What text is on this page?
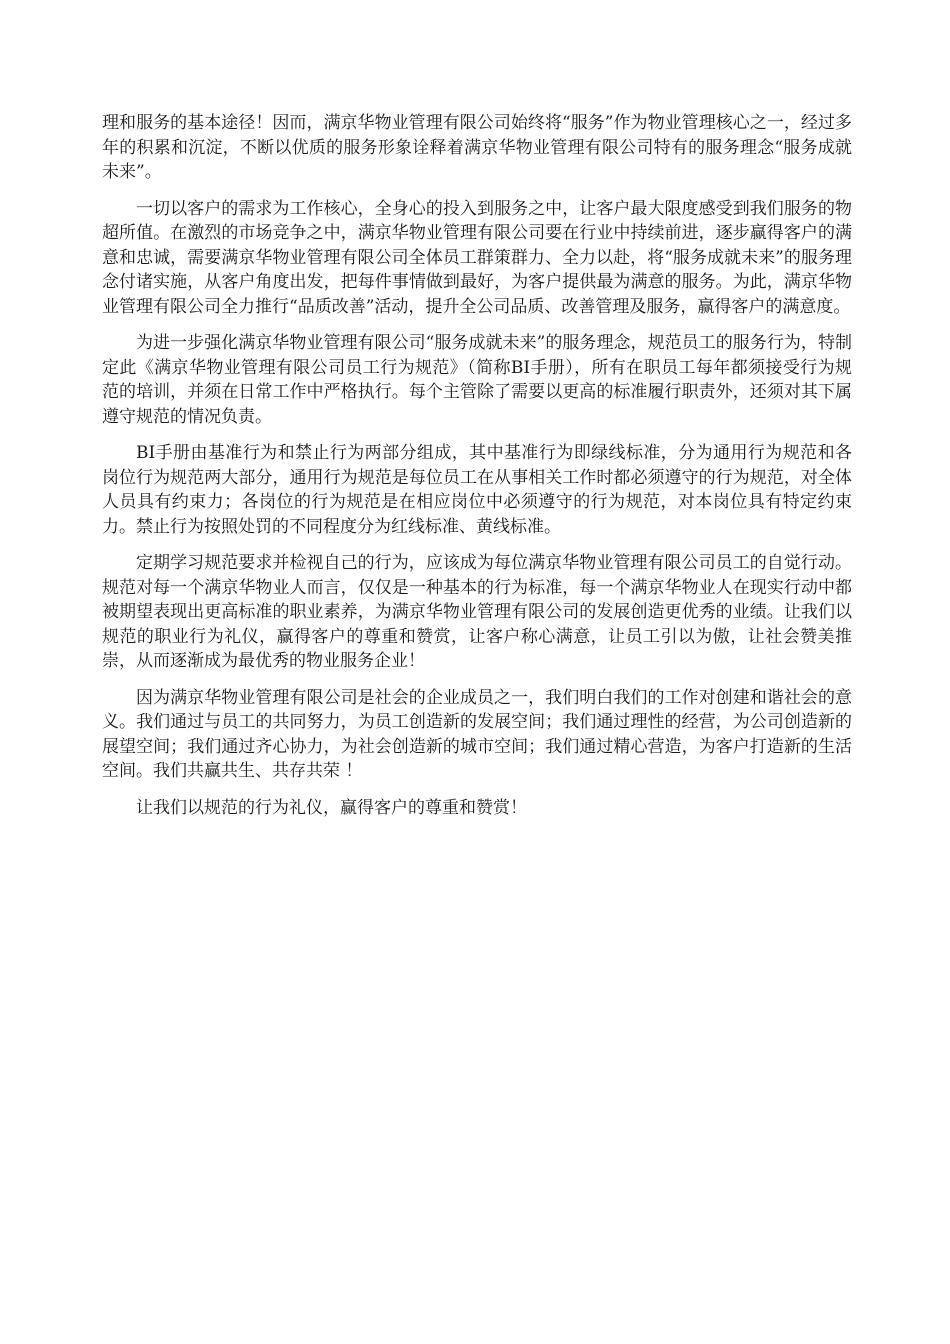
理和服务的基本途径！因而，满京华物业管理有限公司始终将“服务”作为物业管理核心之一，经过多年的积累和沉淀，不断以优质的服务形象诠释着满京华物业管理有限公司特有的服务理念“服务成就未来”。

一切以客户的需求为工作核心，全身心的投入到服务之中，让客户最大限度感受到我们服务的物超所值。在激烈的市场竞争之中，满京华物业管理有限公司要在行业中持续前进，逐步赢得客户的满意和忠诚，需要满京华物业管理有限公司全体员工群策群力、全力以赴，将“服务成就未来”的服务理念付诸实施，从客户角度出发，把每件事情做到最好，为客户提供最为满意的服务。为此，满京华物业管理有限公司全力推行“品质改善”活动，提升全公司品质、改善管理及服务，赢得客户的满意度。

为进一步强化满京华物业管理有限公司“服务成就未来”的服务理念，规范员工的服务行为，特制定此《满京华物业管理有限公司员工行为规范》（简称BI手册），所有在职员工每年都须接受行为规范的培训，并须在日常工作中严格执行。每个主管除了需要以更高的标准履行职责外，还须对其下属遵守规范的情况负责。

BI手册由基准行为和禁止行为两部分组成，其中基准行为即绿线标准，分为通用行为规范和各岗位行为规范两大部分，通用行为规范是每位员工在从事相关工作时都必须遵守的行为规范，对全体人员具有约束力；各岗位的行为规范是在相应岗位中必须遵守的行为规范，对本岗位具有特定约束力。禁止行为按照处罚的不同程度分为红线标准、黄线标准。

定期学习规范要求并检视自己的行为，应该成为每位满京华物业管理有限公司员工的自觉行动。规范对每一个满京华物业人而言，仅仅是一种基本的行为标准，每一个满京华物业人在现实行动中都被期望表现出更高标准的职业素养，为满京华物业管理有限公司的发展创造更优秀的业绩。让我们以规范的职业行为礼仪，赢得客户的尊重和赞赏，让客户称心满意，让员工引以为傲，让社会赞美推崇，从而逐渐成为最优秀的物业服务企业！

因为满京华物业管理有限公司是社会的企业成员之一，我们明白我们的工作对创建和谐社会的意义。我们通过与员工的共同努力，为员工创造新的发展空间；我们通过理性的经营，为公司创造新的展望空间；我们通过齐心协力，为社会创造新的城市空间；我们通过精心营造，为客户打造新的生活空间。我们共赢共生、共存共荣 ！

让我们以规范的行为礼仪，赢得客户的尊重和赞赏！
